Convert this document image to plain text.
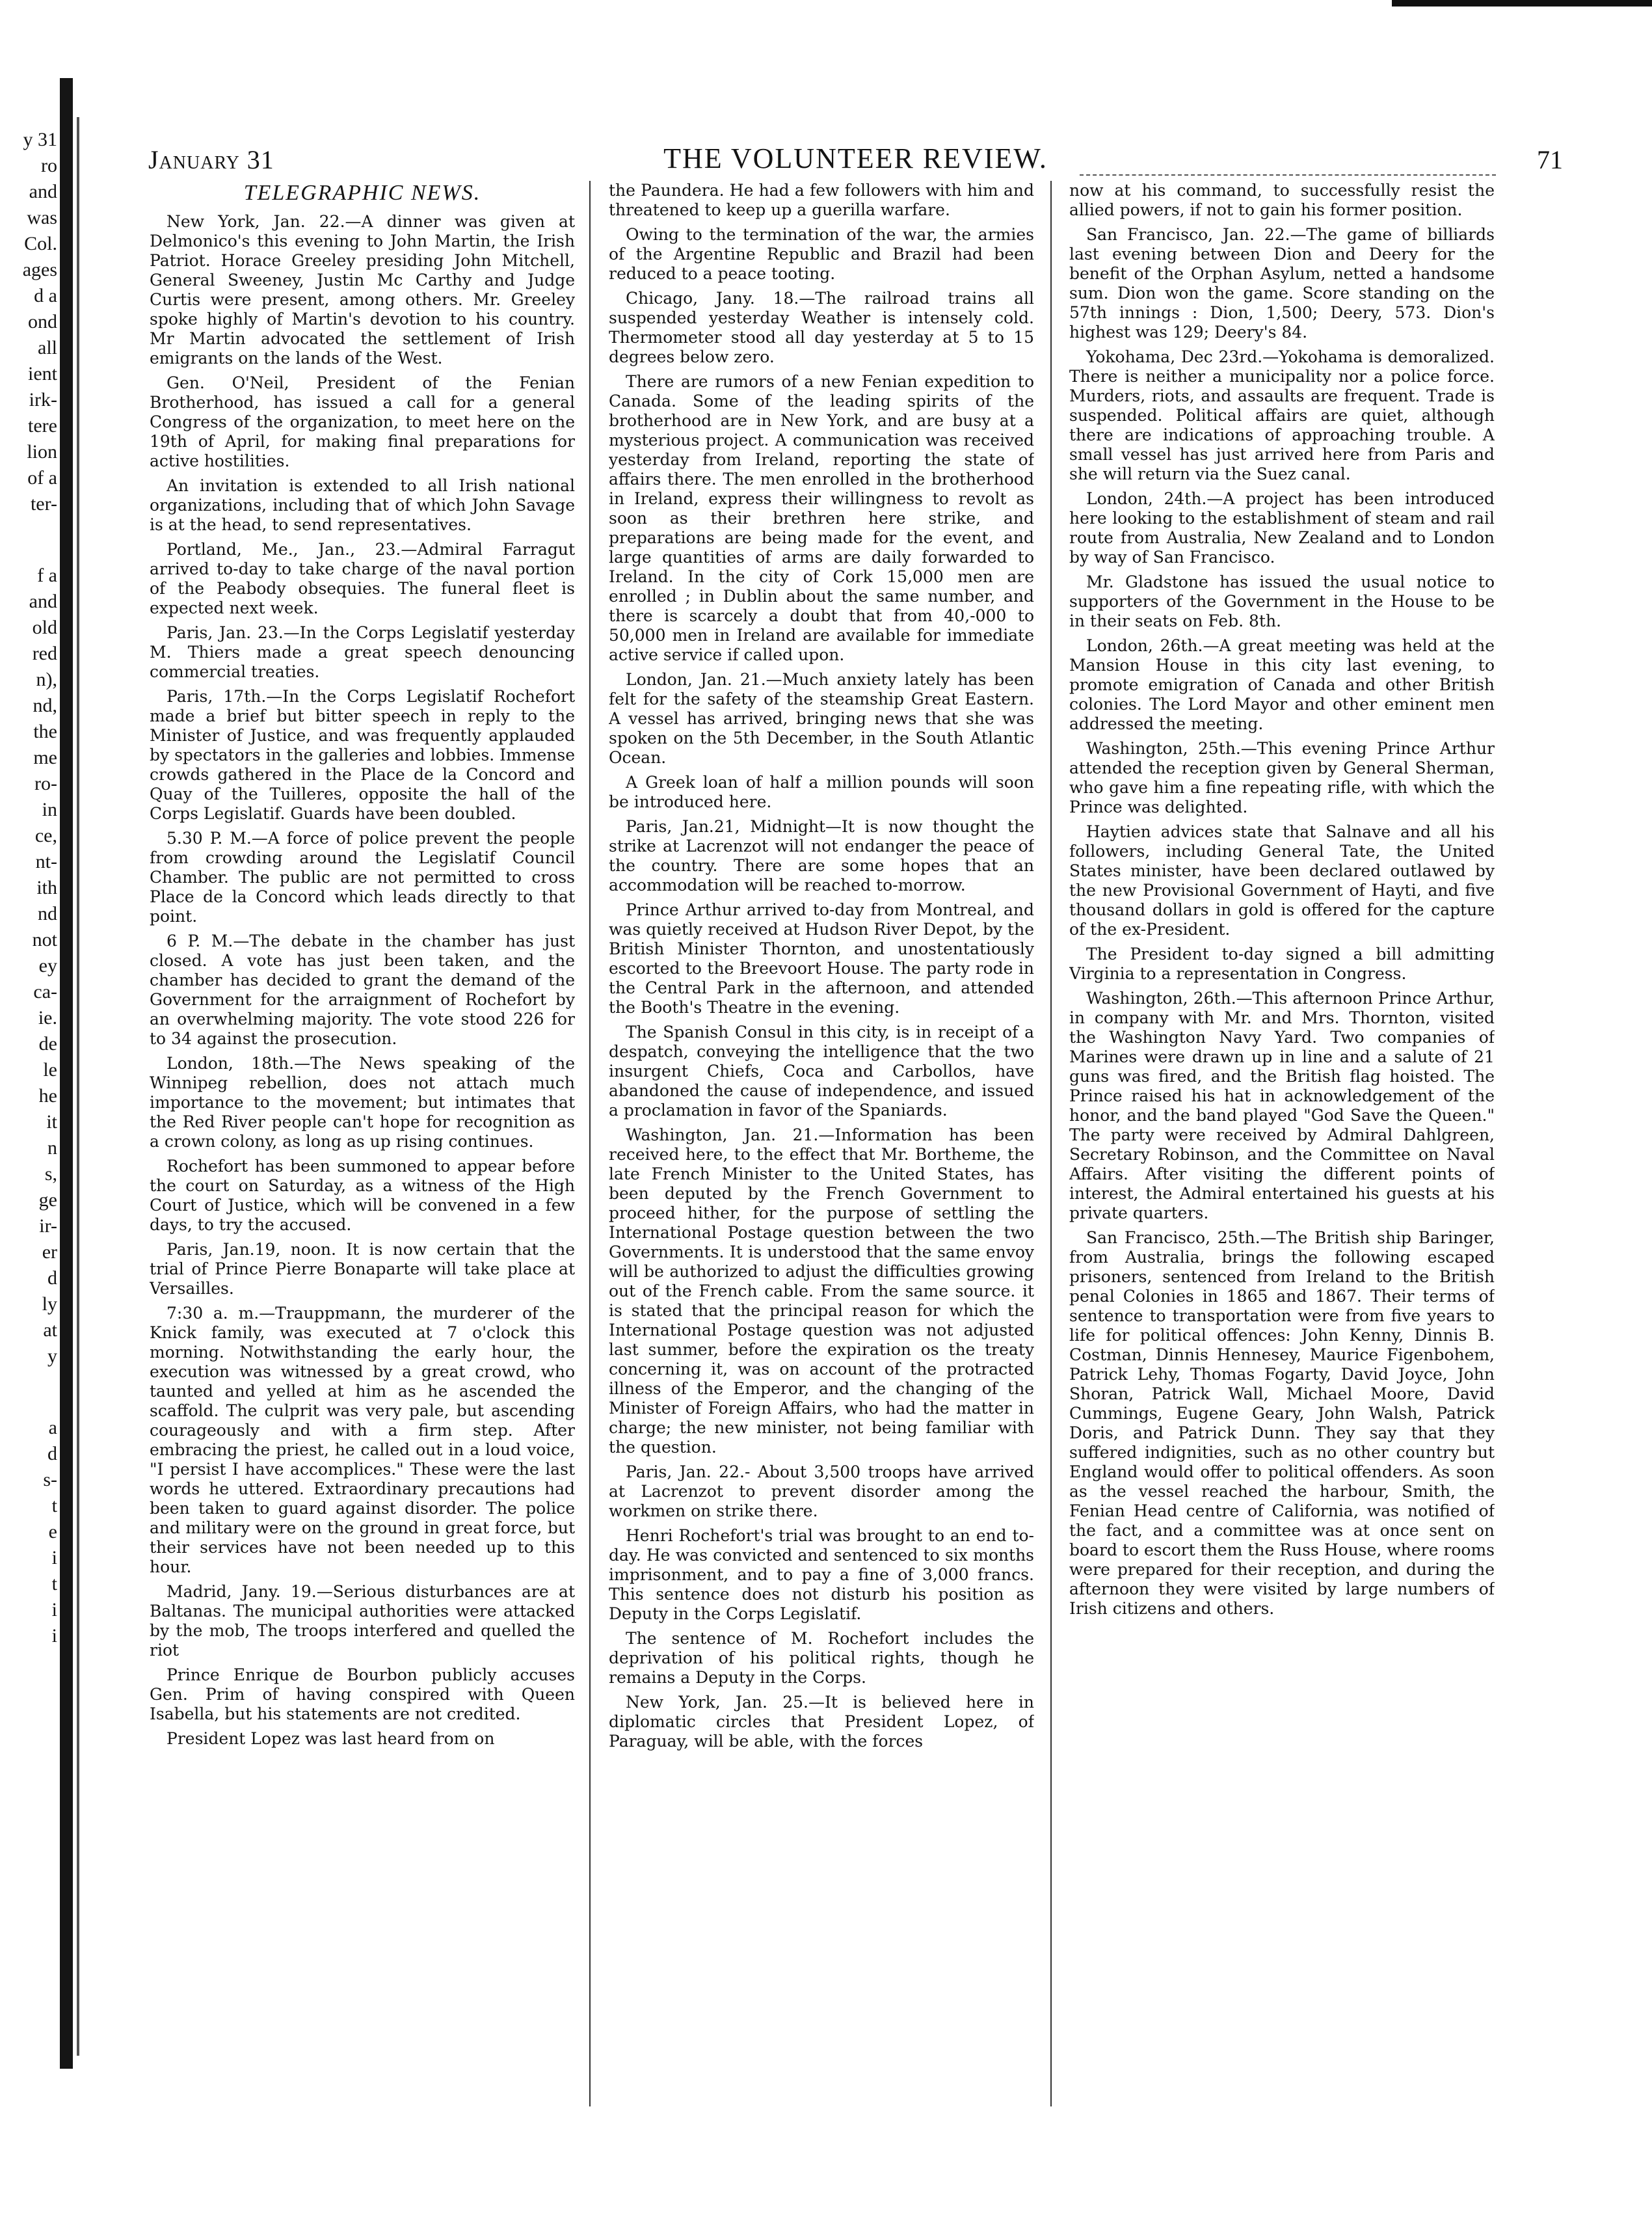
y 31
ro
and
was
Col.
ages
d a
ond
all
ient
irk-
tere
lion
of a
ter-
f a
and
old
red
n),
nd,
the
me
ro-
in
ce,
nt-
ith
nd
not
ey
ca-
ie.
de
le
he
it
n
s,
ge
ir-
er
d
ly
at
y
a
d
s-
t
e
i
t
i
i
January 31	THE VOLUNTEER REVIEW.	71
TELEGRAPHIC NEWS.

New York, Jan. 22.—A dinner was given at Delmonico's this evening to John Martin, the Irish Patriot. Horace Greeley presiding John Mitchell, General Sweeney, Justin Mc Carthy and Judge Curtis were present, among others. Mr. Greeley spoke highly of Martin's devotion to his country. Mr Martin advocated the settlement of Irish emigrants on the lands of the West.

Gen. O'Neil, President of the Fenian Brotherhood, has issued a call for a general Congress of the organization, to meet here on the 19th of April, for making final preparations for active hostilities.

An invitation is extended to all Irish national organizations, including that of which John Savage is at the head, to send representatives.

Portland, Me., Jan., 23.—Admiral Farragut arrived to-day to take charge of the naval portion of the Peabody obsequies. The funeral fleet is expected next week.

Paris, Jan. 23.—In the Corps Legislatif yesterday M. Thiers made a great speech denouncing commercial treaties.

Paris, 17th.—In the Corps Legislatif Rochefort made a brief but bitter speech in reply to the Minister of Justice, and was frequently applauded by spectators in the galleries and lobbies. Immense crowds gathered in the Place de la Concord and Quay of the Tuilleres, opposite the hall of the Corps Legislatif. Guards have been doubled.

5.30 P. M.—A force of police prevent the people from crowding around the Legislatif Council Chamber. The public are not permitted to cross Place de la Concord which leads directly to that point.

6 P. M.—The debate in the chamber has just closed. A vote has just been taken, and the chamber has decided to grant the demand of the Government for the arraignment of Rochefort by an overwhelming majority. The vote stood 226 for to 34 against the prosecution.

London, 18th.—The News speaking of the Winnipeg rebellion, does not attach much importance to the movement; but intimates that the Red River people can't hope for recognition as a crown colony, as long as up rising continues.

Rochefort has been summoned to appear before the court on Saturday, as a witness of the High Court of Justice, which will be convened in a few days, to try the accused.

Paris, Jan.19, noon. It is now certain that the trial of Prince Pierre Bonaparte will take place at Versailles.

7:30 a. m.—Trauppmann, the murderer of the Knick family, was executed at 7 o'clock this morning. Notwithstanding the early hour, the execution was witnessed by a great crowd, who taunted and yelled at him as he ascended the scaffold. The culprit was very pale, but ascending courageously and with a firm step. After embracing the priest, he called out in a loud voice, "I persist I have accomplices." These were the last words he uttered. Extraordinary precautions had been taken to guard against disorder. The police and military were on the ground in great force, but their services have not been needed up to this hour.

Madrid, Jany. 19.—Serious disturbances are at Baltanas. The municipal authorities were attacked by the mob, The troops interfered and quelled the riot

Prince Enrique de Bourbon publicly accuses Gen. Prim of having conspired with Queen Isabella, but his statements are not credited.

President Lopez was last heard from on

the Paundera. He had a few followers with him and threatened to keep up a guerilla warfare.

Owing to the termination of the war, the armies of the Argentine Republic and Brazil had been reduced to a peace tooting.

Chicago, Jany. 18.—The railroad trains all suspended yesterday Weather is intensely cold. Thermometer stood all day yesterday at 5 to 15 degrees below zero.

There are rumors of a new Fenian expedition to Canada. Some of the leading spirits of the brotherhood are in New York, and are busy at a mysterious project. A communication was received yesterday from Ireland, reporting the state of affairs there. The men enrolled in the brotherhood in Ireland, express their willingness to revolt as soon as their brethren here strike, and preparations are being made for the event, and large quantities of arms are daily forwarded to Ireland. In the city of Cork 15,000 men are enrolled ; in Dublin about the same number, and there is scarcely a doubt that from 40,-000 to 50,000 men in Ireland are available for immediate active service if called upon.

London, Jan. 21.—Much anxiety lately has been felt for the safety of the steamship Great Eastern. A vessel has arrived, bringing news that she was spoken on the 5th December, in the South Atlantic Ocean.

A Greek loan of half a million pounds will soon be introduced here.

Paris, Jan.21, Midnight—It is now thought the strike at Lacrenzot will not endanger the peace of the country. There are some hopes that an accommodation will be reached to-morrow.

Prince Arthur arrived to-day from Montreal, and was quietly received at Hudson River Depot, by the British Minister Thornton, and unostentatiously escorted to the Breevoort House. The party rode in the Central Park in the afternoon, and attended the Booth's Theatre in the evening.

The Spanish Consul in this city, is in receipt of a despatch, conveying the intelligence that the two insurgent Chiefs, Coca and Carbollos, have abandoned the cause of independence, and issued a proclamation in favor of the Spaniards.

Washington, Jan. 21.—Information has been received here, to the effect that Mr. Bortheme, the late French Minister to the United States, has been deputed by the French Government to proceed hither, for the purpose of settling the International Postage question between the two Governments. It is understood that the same envoy will be authorized to adjust the difficulties growing out of the French cable. From the same source. it is stated that the principal reason for which the International Postage question was not adjusted last summer, before the expiration os the treaty concerning it, was on account of the protracted illness of the Emperor, and the changing of the Minister of Foreign Affairs, who had the matter in charge; the new minister, not being familiar with the question.

Paris, Jan. 22.- About 3,500 troops have arrived at Lacrenzot to prevent disorder among the workmen on strike there.

Henri Rochefort's trial was brought to an end to-day. He was convicted and sentenced to six months imprisonment, and to pay a fine of 3,000 francs. This sentence does not disturb his position as Deputy in the Corps Legislatif.

The sentence of M. Rochefort includes the deprivation of his political rights, though he remains a Deputy in the Corps.

New York, Jan. 25.—It is believed here in diplomatic circles that President Lopez, of Paraguay, will be able, with the forces

now at his command, to successfully resist the allied powers, if not to gain his former position.

San Francisco, Jan. 22.—The game of billiards last evening between Dion and Deery for the benefit of the Orphan Asylum, netted a handsome sum. Dion won the game. Score standing on the 57th innings : Dion, 1,500; Deery, 573. Dion's highest was 129; Deery's 84.

Yokohama, Dec 23rd.—Yokohama is demoralized. There is neither a municipality nor a police force. Murders, riots, and assaults are frequent. Trade is suspended. Political affairs are quiet, although there are indications of approaching trouble. A small vessel has just arrived here from Paris and she will return via the Suez canal.

London, 24th.—A project has been introduced here looking to the establishment of steam and rail route from Australia, New Zealand and to London by way of San Francisco.

Mr. Gladstone has issued the usual notice to supporters of the Government in the House to be in their seats on Feb. 8th.

London, 26th.—A great meeting was held at the Mansion House in this city last evening, to promote emigration of Canada and other British colonies. The Lord Mayor and other eminent men addressed the meeting.

Washington, 25th.—This evening Prince Arthur attended the reception given by General Sherman, who gave him a fine repeating rifle, with which the Prince was delighted.

Haytien advices state that Salnave and all his followers, including General Tate, the United States minister, have been declared outlawed by the new Provisional Government of Hayti, and five thousand dollars in gold is offered for the capture of the ex-President.

The President to-day signed a bill admitting Virginia to a representation in Congress.

Washington, 26th.—This afternoon Prince Arthur, in company with Mr. and Mrs. Thornton, visited the Washington Navy Yard. Two companies of Marines were drawn up in line and a salute of 21 guns was fired, and the British flag hoisted. The Prince raised his hat in acknowledgement of the honor, and the band played "God Save the Queen." The party were received by Admiral Dahlgreen, Secretary Robinson, and the Committee on Naval Affairs. After visiting the different points of interest, the Admiral entertained his guests at his private quarters.

San Francisco, 25th.—The British ship Baringer, from Australia, brings the following escaped prisoners, sentenced from Ireland to the British penal Colonies in 1865 and 1867. Their terms of sentence to transportation were from five years to life for political offences: John Kenny, Dinnis B. Costman, Dinnis Hennesey, Maurice Figenbohem, Patrick Lehy, Thomas Fogarty, David Joyce, John Shoran, Patrick Wall, Michael Moore, David Cummings, Eugene Geary, John Walsh, Patrick Doris, and Patrick Dunn. They say that they suffered indignities, such as no other country but England would offer to political offenders. As soon as the vessel reached the harbour, Smith, the Fenian Head centre of California, was notified of the fact, and a committee was at once sent on board to escort them the Russ House, where rooms were prepared for their reception, and during the afternoon they were visited by large numbers of Irish citizens and others.
